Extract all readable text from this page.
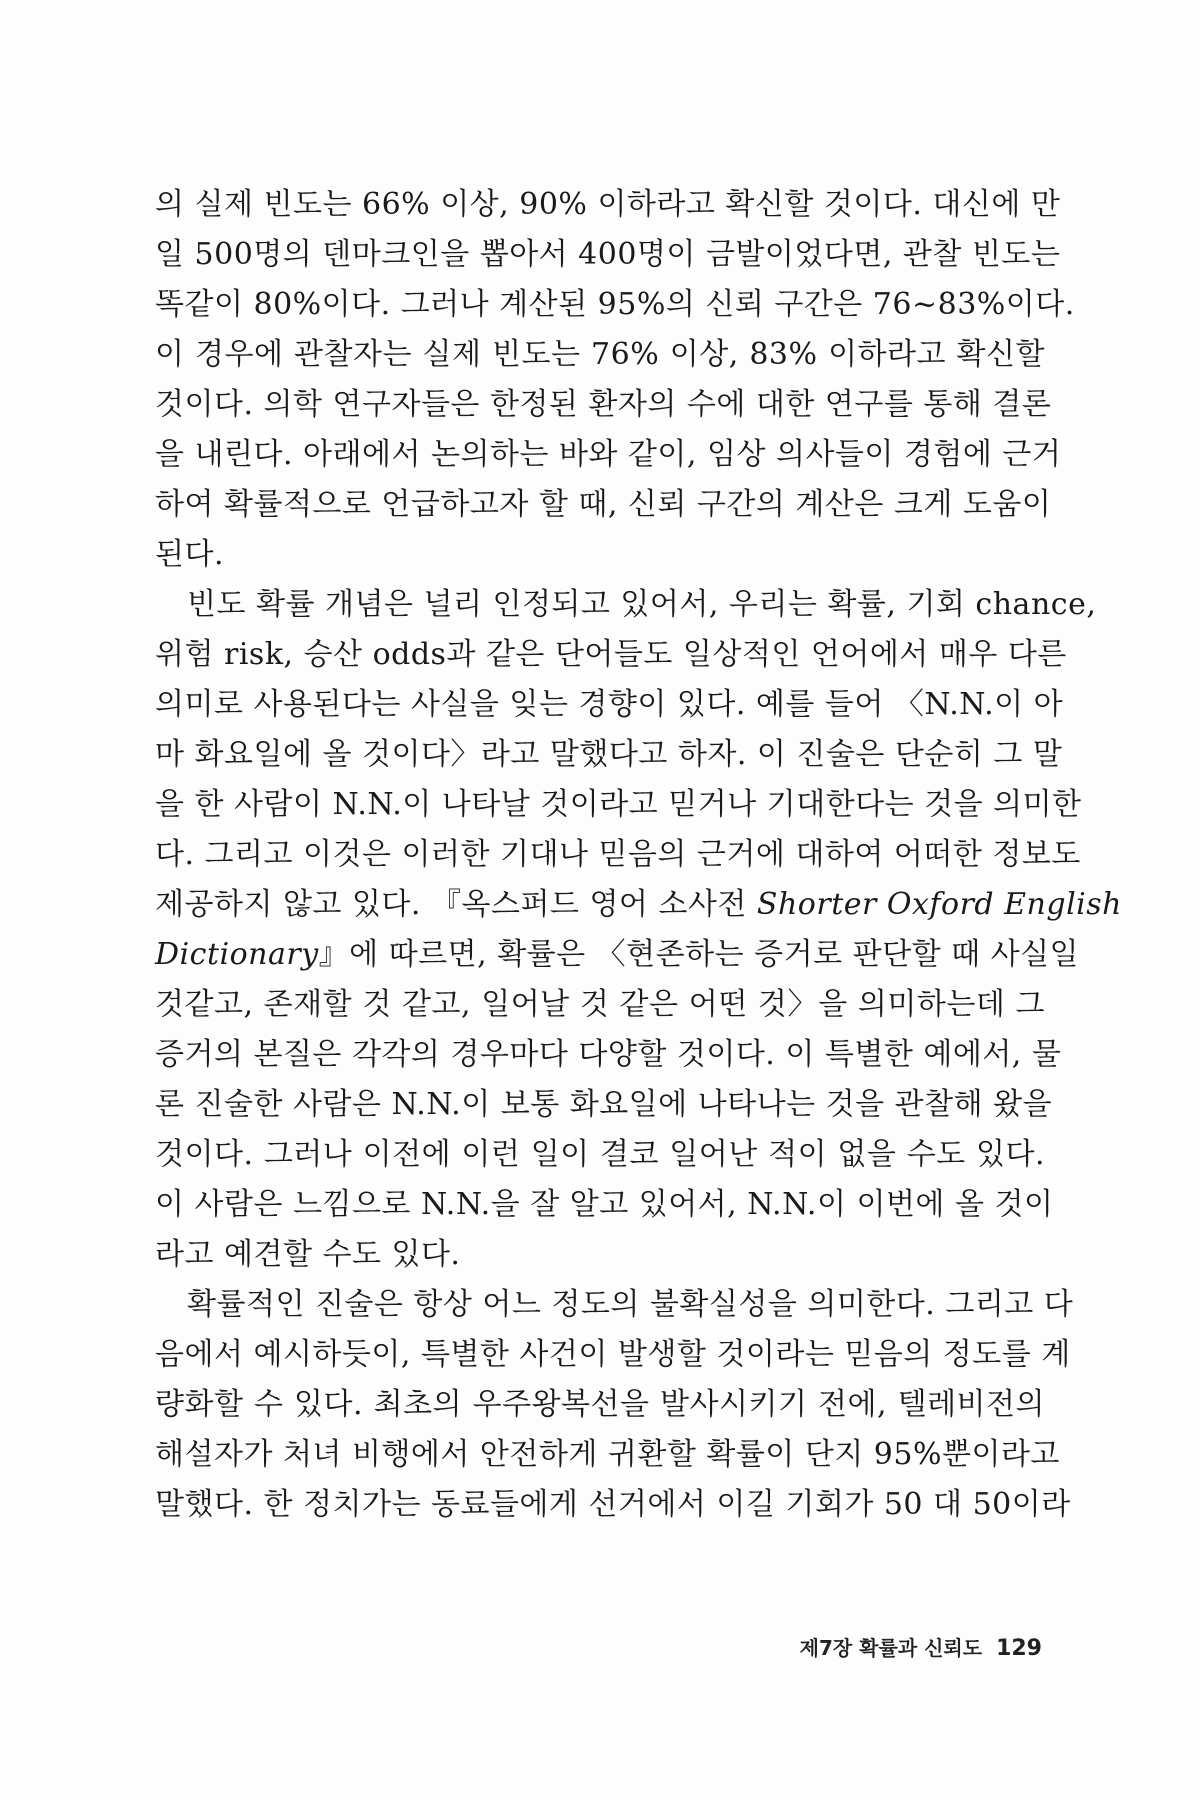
의 실제 빈도는 66% 이상, 90% 이하라고 확신할 것이다. 대신에 만
일 500명의 덴마크인을 뽑아서 400명이 금발이었다면, 관찰 빈도는
똑같이 80%이다. 그러나 계산된 95%의 신뢰 구간은 76~83%이다.
이 경우에 관찰자는 실제 빈도는 76% 이상, 83% 이하라고 확신할
것이다. 의학 연구자들은 한정된 환자의 수에 대한 연구를 통해 결론
을 내린다. 아래에서 논의하는 바와 같이, 임상 의사들이 경험에 근거
하여 확률적으로 언급하고자 할 때, 신뢰 구간의 계산은 크게 도움이
된다.
빈도 확률 개념은 널리 인정되고 있어서, 우리는 확률, 기회 chance,
위험 risk, 승산 odds과 같은 단어들도 일상적인 언어에서 매우 다른
의미로 사용된다는 사실을 잊는 경향이 있다. 예를 들어 〈N.N.이 아
마 화요일에 올 것이다〉라고 말했다고 하자. 이 진술은 단순히 그 말
을 한 사람이 N.N.이 나타날 것이라고 믿거나 기대한다는 것을 의미한
다. 그리고 이것은 이러한 기대나 믿음의 근거에 대하여 어떠한 정보도
제공하지 않고 있다. 『옥스퍼드 영어 소사전 Shorter Oxford English
Dictionary』에 따르면, 확률은 〈현존하는 증거로 판단할 때 사실일
것같고, 존재할 것 같고, 일어날 것 같은 어떤 것〉을 의미하는데 그
증거의 본질은 각각의 경우마다 다양할 것이다. 이 특별한 예에서, 물
론 진술한 사람은 N.N.이 보통 화요일에 나타나는 것을 관찰해 왔을
것이다. 그러나 이전에 이런 일이 결코 일어난 적이 없을 수도 있다.
이 사람은 느낌으로 N.N.을 잘 알고 있어서, N.N.이 이번에 올 것이
라고 예견할 수도 있다.
확률적인 진술은 항상 어느 정도의 불확실성을 의미한다. 그리고 다
음에서 예시하듯이, 특별한 사건이 발생할 것이라는 믿음의 정도를 계
량화할 수 있다. 최초의 우주왕복선을 발사시키기 전에, 텔레비전의
해설자가 처녀 비행에서 안전하게 귀환할 확률이 단지 95%뿐이라고
말했다. 한 정치가는 동료들에게 선거에서 이길 기회가 50 대 50이라
제7장 확률과 신뢰도 129
